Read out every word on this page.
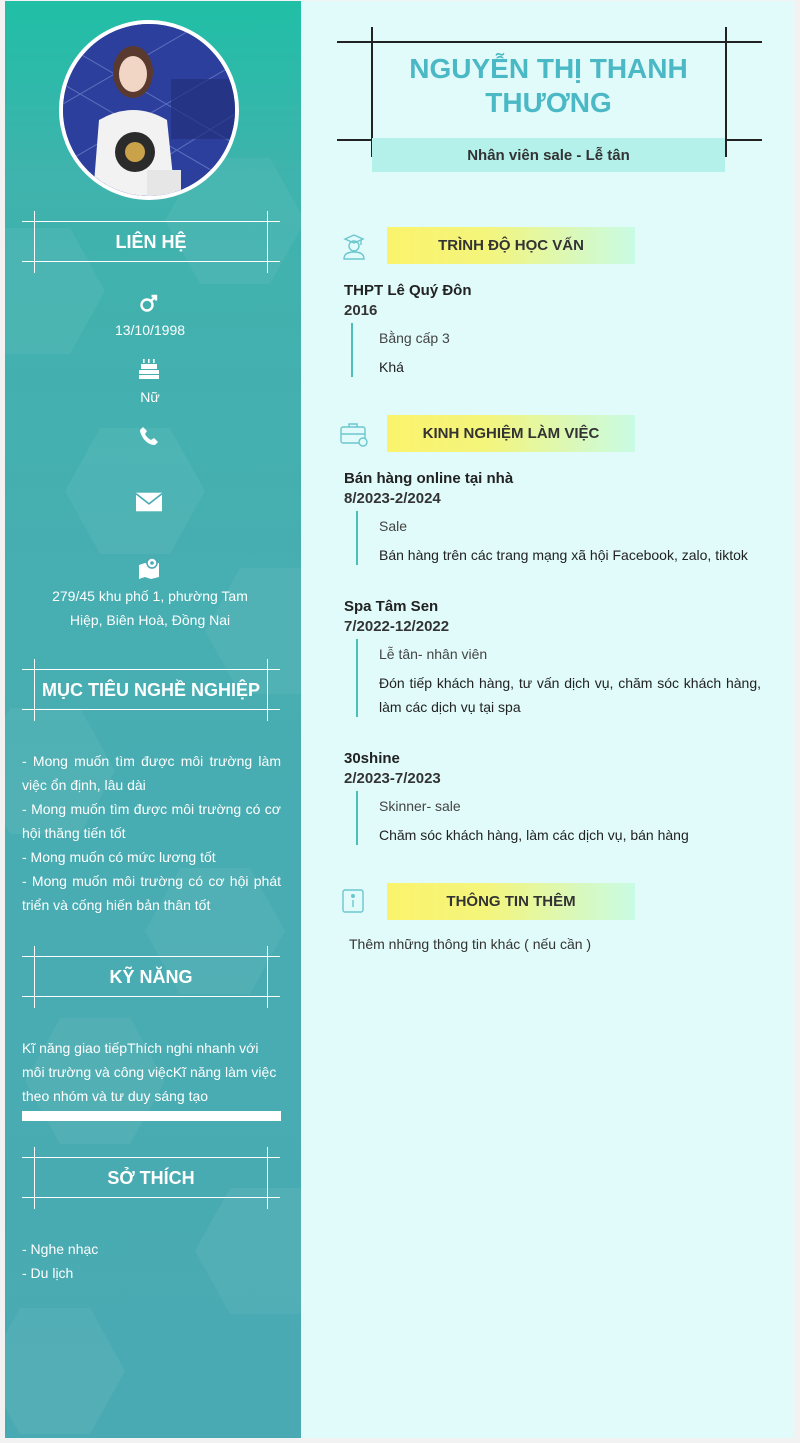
LIÊN HỆ
13/10/1998
Nữ
279/45 khu phố 1, phường Tam Hiệp, Biên Hoà, Đồng Nai
MỤC TIÊU NGHỀ NGHIỆP
- Mong muốn tìm được môi trường làm việc ổn định, lâu dài
- Mong muốn tìm được môi trường có cơ hội thăng tiến tốt
- Mong muốn có mức lương tốt
- Mong muốn môi trường có cơ hội phát triển và cống hiến bản thân tốt
KỸ NĂNG
Kĩ năng giao tiếpThích nghi nhanh với môi trường và công việcKĩ năng làm việc theo nhóm và tư duy sáng tạo
SỞ THÍCH
- Nghe nhạc
- Du lịch
NGUYỄN THỊ THANH THƯƠNG
Nhân viên sale - Lễ tân
TRÌNH ĐỘ HỌC VẤN
THPT Lê Quý Đôn
2016
Bằng cấp 3
Khá
KINH NGHIỆM LÀM VIỆC
Bán hàng online tại nhà
8/2023-2/2024
Sale
Bán hàng trên các trang mạng xã hội Facebook, zalo, tiktok
Spa Tâm Sen
7/2022-12/2022
Lễ tân- nhân viên
Đón tiếp khách hàng, tư vấn dịch vụ, chăm sóc khách hàng, làm các dịch vụ tại spa
30shine
2/2023-7/2023
Skinner- sale
Chăm sóc khách hàng, làm các dịch vụ, bán hàng
THÔNG TIN THÊM
Thêm những thông tin khác ( nếu cần )
